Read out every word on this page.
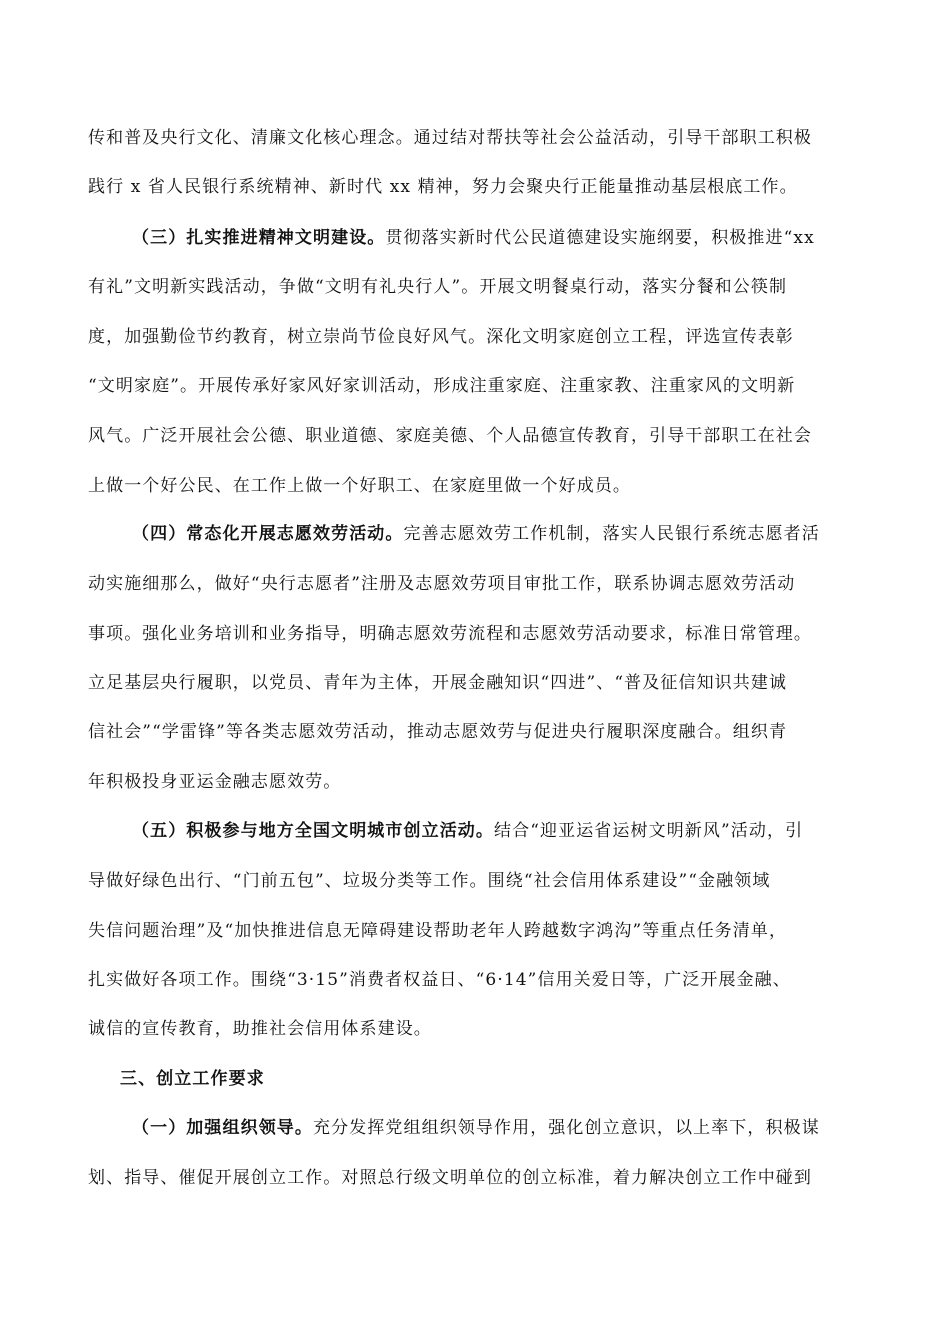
传和普及央行文化、清廉文化核心理念。通过结对帮扶等社会公益活动，引导干部职工积极
践行 x 省人民银行系统精神、新时代 xx 精神，努力会聚央行正能量推动基层根底工作。
（三）扎实推进精神文明建设。贯彻落实新时代公民道德建设实施纲要，积极推进“xx
有礼”文明新实践活动，争做“文明有礼央行人”。开展文明餐桌行动，落实分餐和公筷制
度，加强勤俭节约教育，树立崇尚节俭良好风气。深化文明家庭创立工程，评选宣传表彰
“文明家庭”。开展传承好家风好家训活动，形成注重家庭、注重家教、注重家风的文明新
风气。广泛开展社会公德、职业道德、家庭美德、个人品德宣传教育，引导干部职工在社会
上做一个好公民、在工作上做一个好职工、在家庭里做一个好成员。
（四）常态化开展志愿效劳活动。完善志愿效劳工作机制，落实人民银行系统志愿者活
动实施细那么，做好“央行志愿者”注册及志愿效劳项目审批工作，联系协调志愿效劳活动
事项。强化业务培训和业务指导，明确志愿效劳流程和志愿效劳活动要求，标准日常管理。
立足基层央行履职，以党员、青年为主体，开展金融知识“四进”、“普及征信知识共建诚
信社会”“学雷锋”等各类志愿效劳活动，推动志愿效劳与促进央行履职深度融合。组织青
年积极投身亚运金融志愿效劳。
（五）积极参与地方全国文明城市创立活动。结合“迎亚运省运树文明新风”活动，引
导做好绿色出行、“门前五包”、垃圾分类等工作。围绕“社会信用体系建设”“金融领域
失信问题治理”及“加快推进信息无障碍建设帮助老年人跨越数字鸿沟”等重点任务清单，
扎实做好各项工作。围绕“3·15”消费者权益日、“6·14”信用关爱日等，广泛开展金融、
诚信的宣传教育，助推社会信用体系建设。
三、创立工作要求
（一）加强组织领导。充分发挥党组组织领导作用，强化创立意识，以上率下，积极谋
划、指导、催促开展创立工作。对照总行级文明单位的创立标准，着力解决创立工作中碰到
